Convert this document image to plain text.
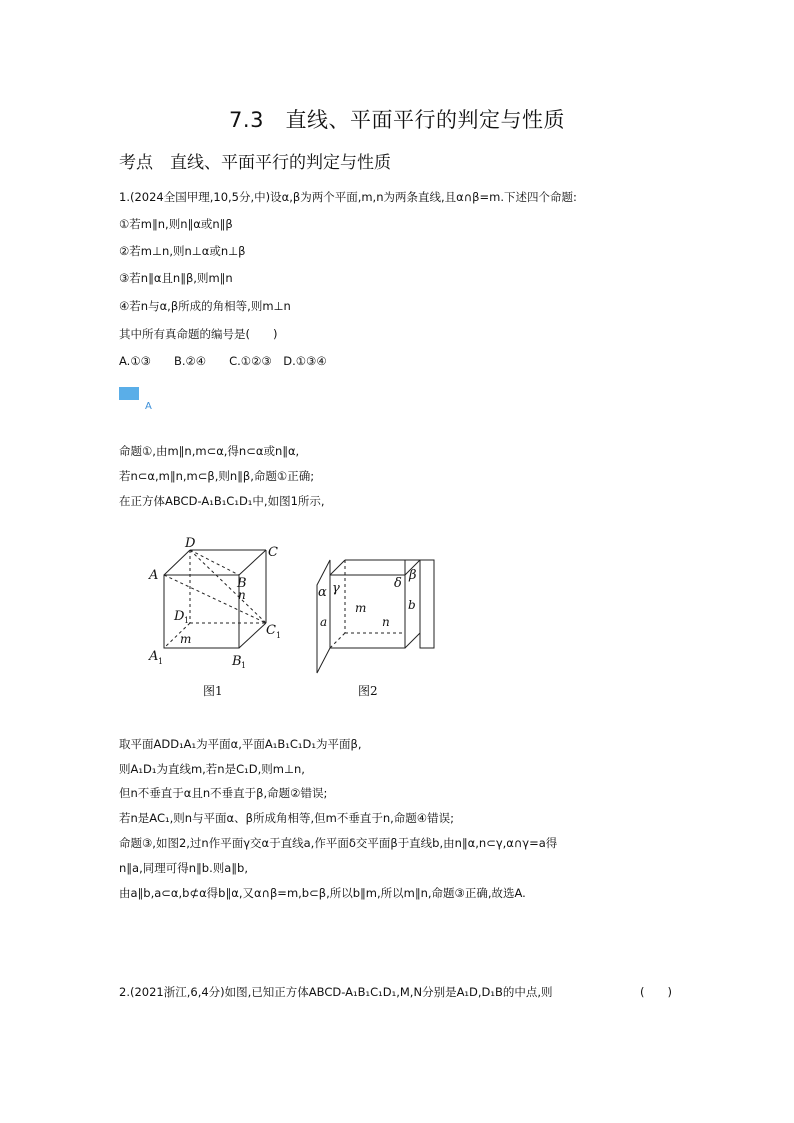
7.3　直线、平面平行的判定与性质
考点　直线、平面平行的判定与性质
1.(2024全国甲理,10,5分,中)设α,β为两个平面,m,n为两条直线,且α∩β=m.下述四个命题:
①若m∥n,则n∥α或n∥β
②若m⊥n,则n⊥α或n⊥β
③若n∥α且n∥β,则m∥n
④若n与α,β所成的角相等,则m⊥n
其中所有真命题的编号是(　　)
A.①③　　B.②④　　C.①②③　D.①③④
A
命题①,由m∥n,m⊂α,得n⊂α或n∥α,
若n⊂α,m∥n,m⊂β,则n∥β,命题①正确;
在正方体ABCD-A₁B₁C₁D₁中,如图1所示,
D
C
A
B
n
D 1
C 1
m
A 1	B 1
α γ	δ
β
m
a	n
b
图1	图2
取平面ADD₁A₁为平面α,平面A₁B₁C₁D₁为平面β,
则A₁D₁为直线m,若n是C₁D,则m⊥n,
但n不垂直于α且n不垂直于β,命题②错误;
若n是AC₁,则n与平面α、β所成角相等,但m不垂直于n,命题④错误;
命题③,如图2,过n作平面γ交α于直线a,作平面δ交平面β于直线b,由n∥α,n⊂γ,α∩γ=a得
n∥a,同理可得n∥b.则a∥b,
由a∥b,a⊂α,b⊄α得b∥α,又α∩β=m,b⊂β,所以b∥m,所以m∥n,命题③正确,故选A.
2.(2021浙江,6,4分)如图,已知正方体ABCD-A₁B₁C₁D₁,M,N分别是A₁D,D₁B的中点,则	(　　)
